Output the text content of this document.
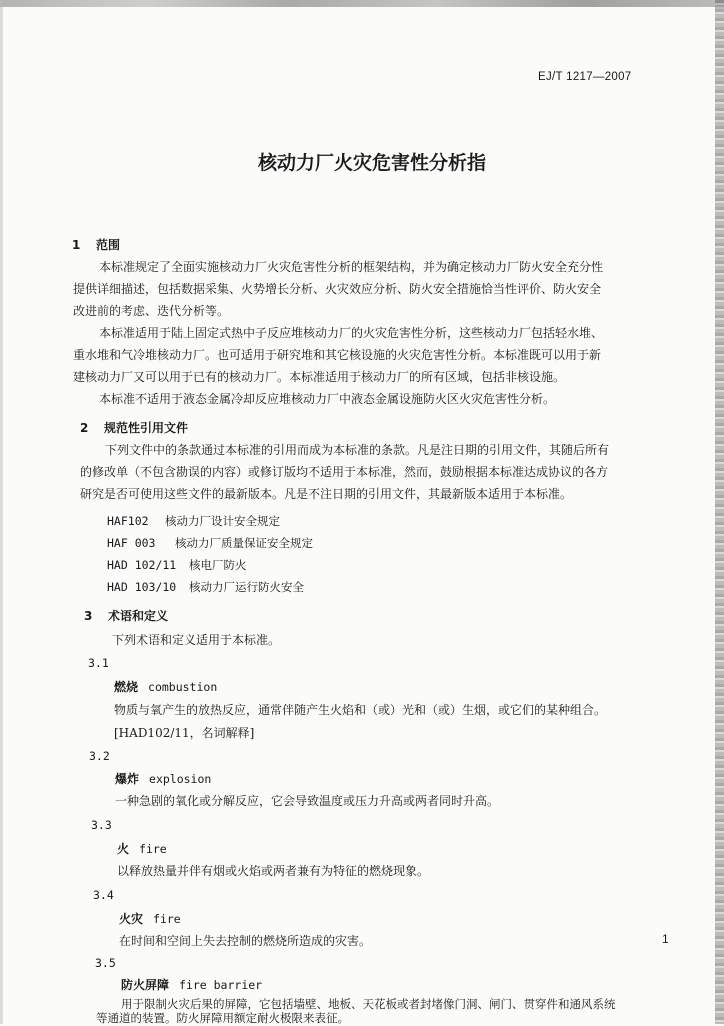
EJ/T 1217—2007
核动力厂火灾危害性分析指
1 范围
本标准规定了全面实施核动力厂火灾危害性分析的框架结构，并为确定核动力厂防火安全充分性
提供详细描述，包括数据采集、火势增长分析、火灾效应分析、防火安全措施恰当性评价、防火安全
改进前的考虑、迭代分析等。
本标准适用于陆上固定式热中子反应堆核动力厂的火灾危害性分析，这些核动力厂包括轻水堆、
重水堆和气冷堆核动力厂。也可适用于研究堆和其它核设施的火灾危害性分析。本标准既可以用于新
建核动力厂又可以用于已有的核动力厂。本标准适用于核动力厂的所有区域，包括非核设施。
本标准不适用于液态金属冷却反应堆核动力厂中液态金属设施防火区火灾危害性分析。
2 规范性引用文件
下列文件中的条款通过本标准的引用而成为本标准的条款。凡是注日期的引用文件，其随后所有
的修改单（不包含勘误的内容）或修订版均不适用于本标准，然而，鼓励根据本标准达成协议的各方
研究是否可使用这些文件的最新版本。凡是不注日期的引用文件，其最新版本适用于本标准。
HAF102 核动力厂设计安全规定
HAF 003 核动力厂质量保证安全规定
HAD 102/11 核电厂防火
HAD 103/10 核动力厂运行防火安全
3 术语和定义
下列术语和定义适用于本标准。
3.1
燃烧 combustion
物质与氧产生的放热反应，通常伴随产生火焰和（或）光和（或）生烟，或它们的某种组合。
[HAD102/11，名词解释]
3.2
爆炸 explosion
一种急剧的氧化或分解反应，它会导致温度或压力升高或两者同时升高。
3.3
火 fire
以释放热量并伴有烟或火焰或两者兼有为特征的燃烧现象。
3.4
火灾 fire
在时间和空间上失去控制的燃烧所造成的灾害。
3.5
防火屏障 fire barrier
用于限制火灾后果的屏障，它包括墙壁、地板、天花板或者封堵像门洞、闸门、贯穿件和通风系统
等通道的装置。防火屏障用额定耐火极限来表征。
1
